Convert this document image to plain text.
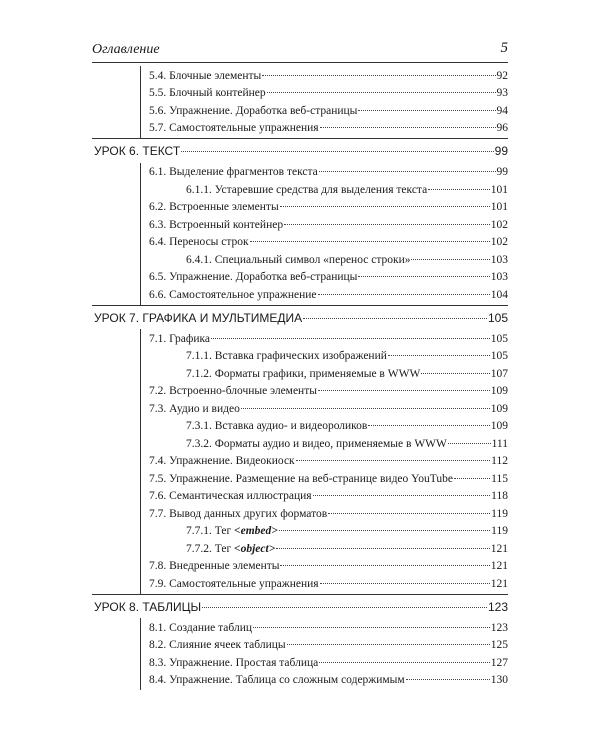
Оглавление	5
5.4. Блочные элементы	92
5.5. Блочный контейнер	93
5.6. Упражнение. Доработка веб-страницы	94
5.7. Самостоятельные упражнения	96
УРОК 6. ТЕКСТ	99
6.1. Выделение фрагментов текста	99
6.1.1. Устаревшие средства для выделения текста	101
6.2. Встроенные элементы	101
6.3. Встроенный контейнер	102
6.4. Переносы строк	102
6.4.1. Специальный символ «перенос строки»	103
6.5. Упражнение. Доработка веб-страницы	103
6.6. Самостоятельное упражнение	104
УРОК 7. ГРАФИКА И МУЛЬТИМЕДИА	105
7.1. Графика	105
7.1.1. Вставка графических изображений	105
7.1.2. Форматы графики, применяемые в WWW	107
7.2. Встроенно-блочные элементы	109
7.3. Аудио и видео	109
7.3.1. Вставка аудио- и видеороликов	109
7.3.2. Форматы аудио и видео, применяемые в WWW	111
7.4. Упражнение. Видеокиоск	112
7.5. Упражнение. Размещение на веб-странице видео YouTube	115
7.6. Семантическая иллюстрация	118
7.7. Вывод данных других форматов	119
7.7.1. Тег <embed>	119
7.7.2. Тег <object>	121
7.8. Внедренные элементы	121
7.9. Самостоятельные упражнения	121
УРОК 8. ТАБЛИЦЫ	123
8.1. Создание таблиц	123
8.2. Слияние ячеек таблицы	125
8.3. Упражнение. Простая таблица	127
8.4. Упражнение. Таблица со сложным содержимым	130
